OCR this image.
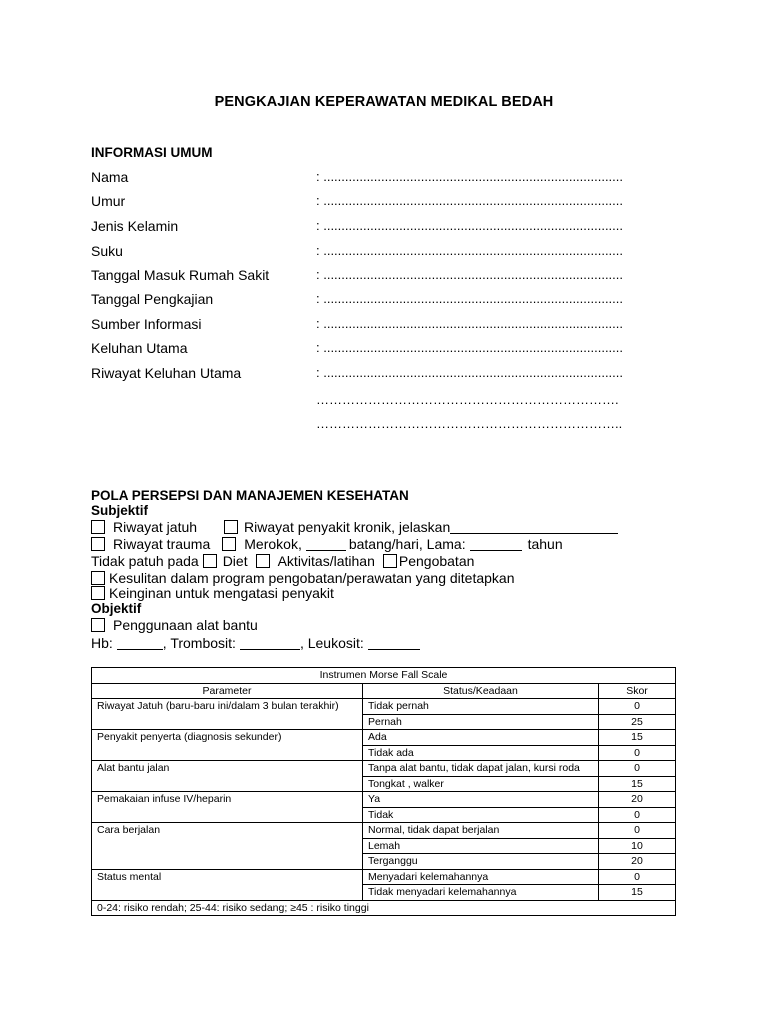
PENGKAJIAN KEPERAWATAN MEDIKAL BEDAH
INFORMASI UMUM
Nama	: ...................................................................................
Umur	: ...................................................................................
Jenis Kelamin	: ...................................................................................
Suku	: ...................................................................................
Tanggal Masuk Rumah Sakit	: ...................................................................................
Tanggal Pengkajian	: ...................................................................................
Sumber Informasi	: ...................................................................................
Keluhan Utama	: ...................................................................................
Riwayat Keluhan Utama	: ...................................................................................
…………………………………………………………….
……………………………………………………………..
POLA PERSEPSI DAN MANAJEMEN KESEHATAN
Subjektif
Riwayat jatuh	Riwayat penyakit kronik, jelaskan
Riwayat trauma Merokok,	batang/hari, Lama:	tahun
Tidak patuh pada Diet Aktivitas/latihan Pengobatan
Kesulitan dalam program pengobatan/perawatan yang ditetapkan
Keinginan untuk mengatasi penyakit
Objektif
Penggunaan alat bantu
Hb:	, Trombosit:	, Leukosit:
Instrumen Morse Fall Scale		
Parameter	Status/Keadaan	Skor
Riwayat Jatuh (baru-baru ini/dalam 3 bulan terakhir)	Tidak pernah	0
	Pernah	25
Penyakit penyerta (diagnosis sekunder)	Ada	15
	Tidak ada	0
Alat bantu jalan	Tanpa alat bantu, tidak dapat jalan, kursi roda	0
	Tongkat , walker	15
Pemakaian infuse IV/heparin	Ya	20
	Tidak	0
Cara berjalan	Normal, tidak dapat berjalan	0
	Lemah	10
	Terganggu	20
Status mental	Menyadari kelemahannya	0
	Tidak menyadari kelemahannya	15
0-24: risiko rendah; 25-44: risiko sedang; ≥45 : risiko tinggi		
